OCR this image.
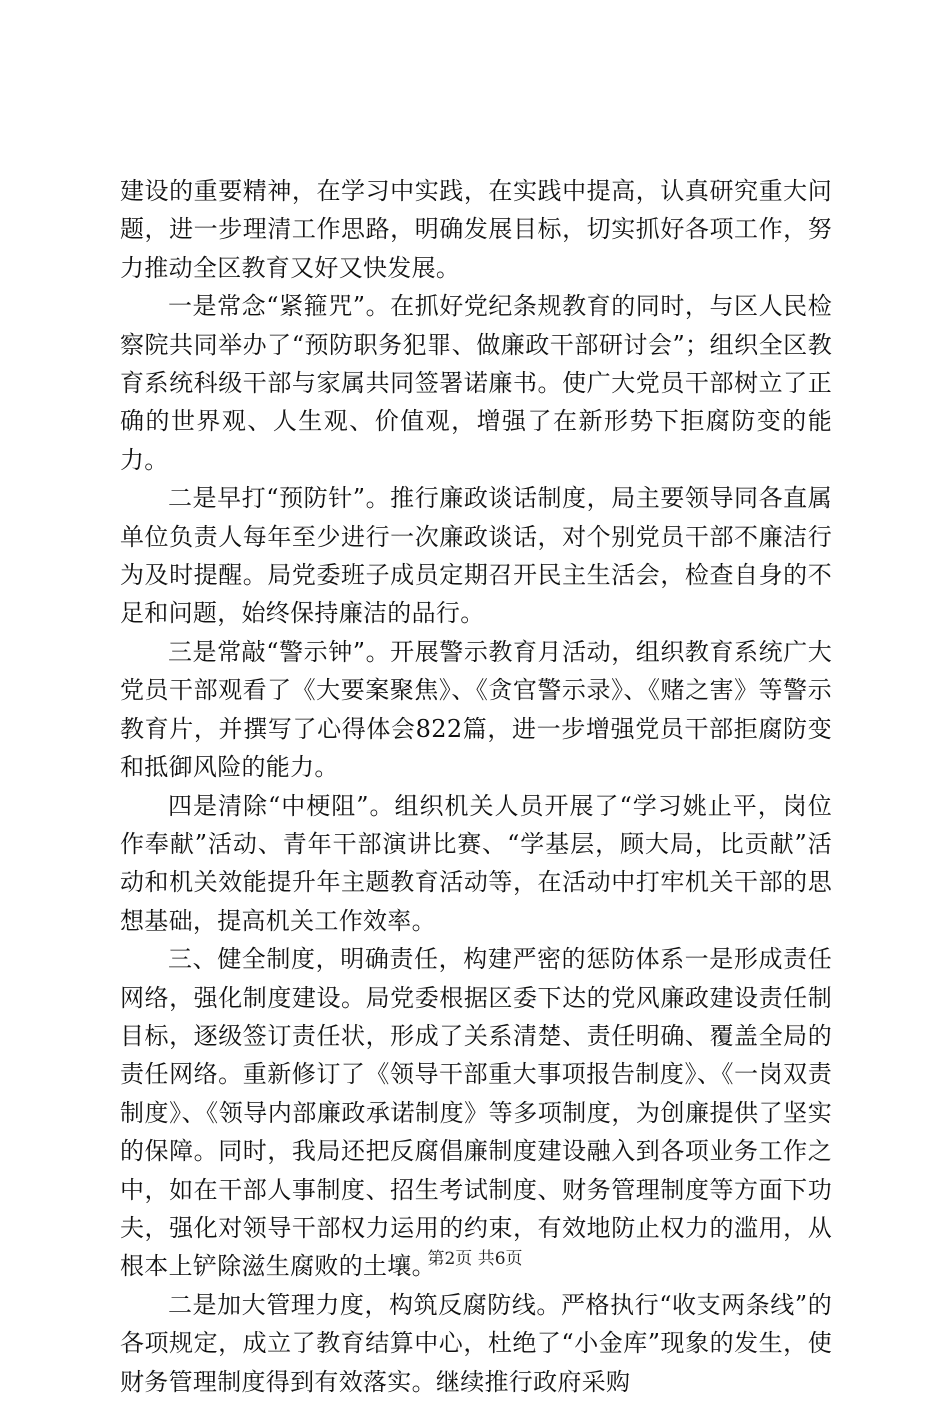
建设的重要精神，在学习中实践，在实践中提高，认真研究重大问题，进一步理清工作思路，明确发展目标，切实抓好各项工作，努力推动全区教育又好又快发展。

一是常念“紧箍咒”。在抓好党纪条规教育的同时，与区人民检察院共同举办了“预防职务犯罪、做廉政干部研讨会”；组织全区教育系统科级干部与家属共同签署诺廉书。使广大党员干部树立了正确的世界观、人生观、价值观，增强了在新形势下拒腐防变的能力。

二是早打“预防针”。推行廉政谈话制度，局主要领导同各直属单位负责人每年至少进行一次廉政谈话，对个别党员干部不廉洁行为及时提醒。局党委班子成员定期召开民主生活会，检查自身的不足和问题，始终保持廉洁的品行。

三是常敲“警示钟”。开展警示教育月活动，组织教育系统广大党员干部观看了《大要案聚焦》、《贪官警示录》、《赌之害》等警示教育片，并撰写了心得体会822篇，进一步增强党员干部拒腐防变和抵御风险的能力。

四是清除“中梗阻”。组织机关人员开展了“学习姚止平，岗位作奉献”活动、青年干部演讲比赛、“学基层，顾大局，比贡献”活动和机关效能提升年主题教育活动等，在活动中打牢机关干部的思想基础，提高机关工作效率。

三、健全制度，明确责任，构建严密的惩防体系一是形成责任网络，强化制度建设。局党委根据区委下达的党风廉政建设责任制目标，逐级签订责任状，形成了关系清楚、责任明确、覆盖全局的责任网络。重新修订了《领导干部重大事项报告制度》、《一岗双责制度》、《领导内部廉政承诺制度》等多项制度，为创廉提供了坚实的保障。同时，我局还把反腐倡廉制度建设融入到各项业务工作之中，如在干部人事制度、招生考试制度、财务管理制度等方面下功夫，强化对领导干部权力运用的约束，有效地防止权力的滥用，从根本上铲除滋生腐败的土壤。

二是加大管理力度，构筑反腐防线。严格执行“收支两条线”的各项规定，成立了教育结算中心，杜绝了“小金库”现象的发生，使财务管理制度得到有效落实。继续推行政府采购

第2页 共6页
